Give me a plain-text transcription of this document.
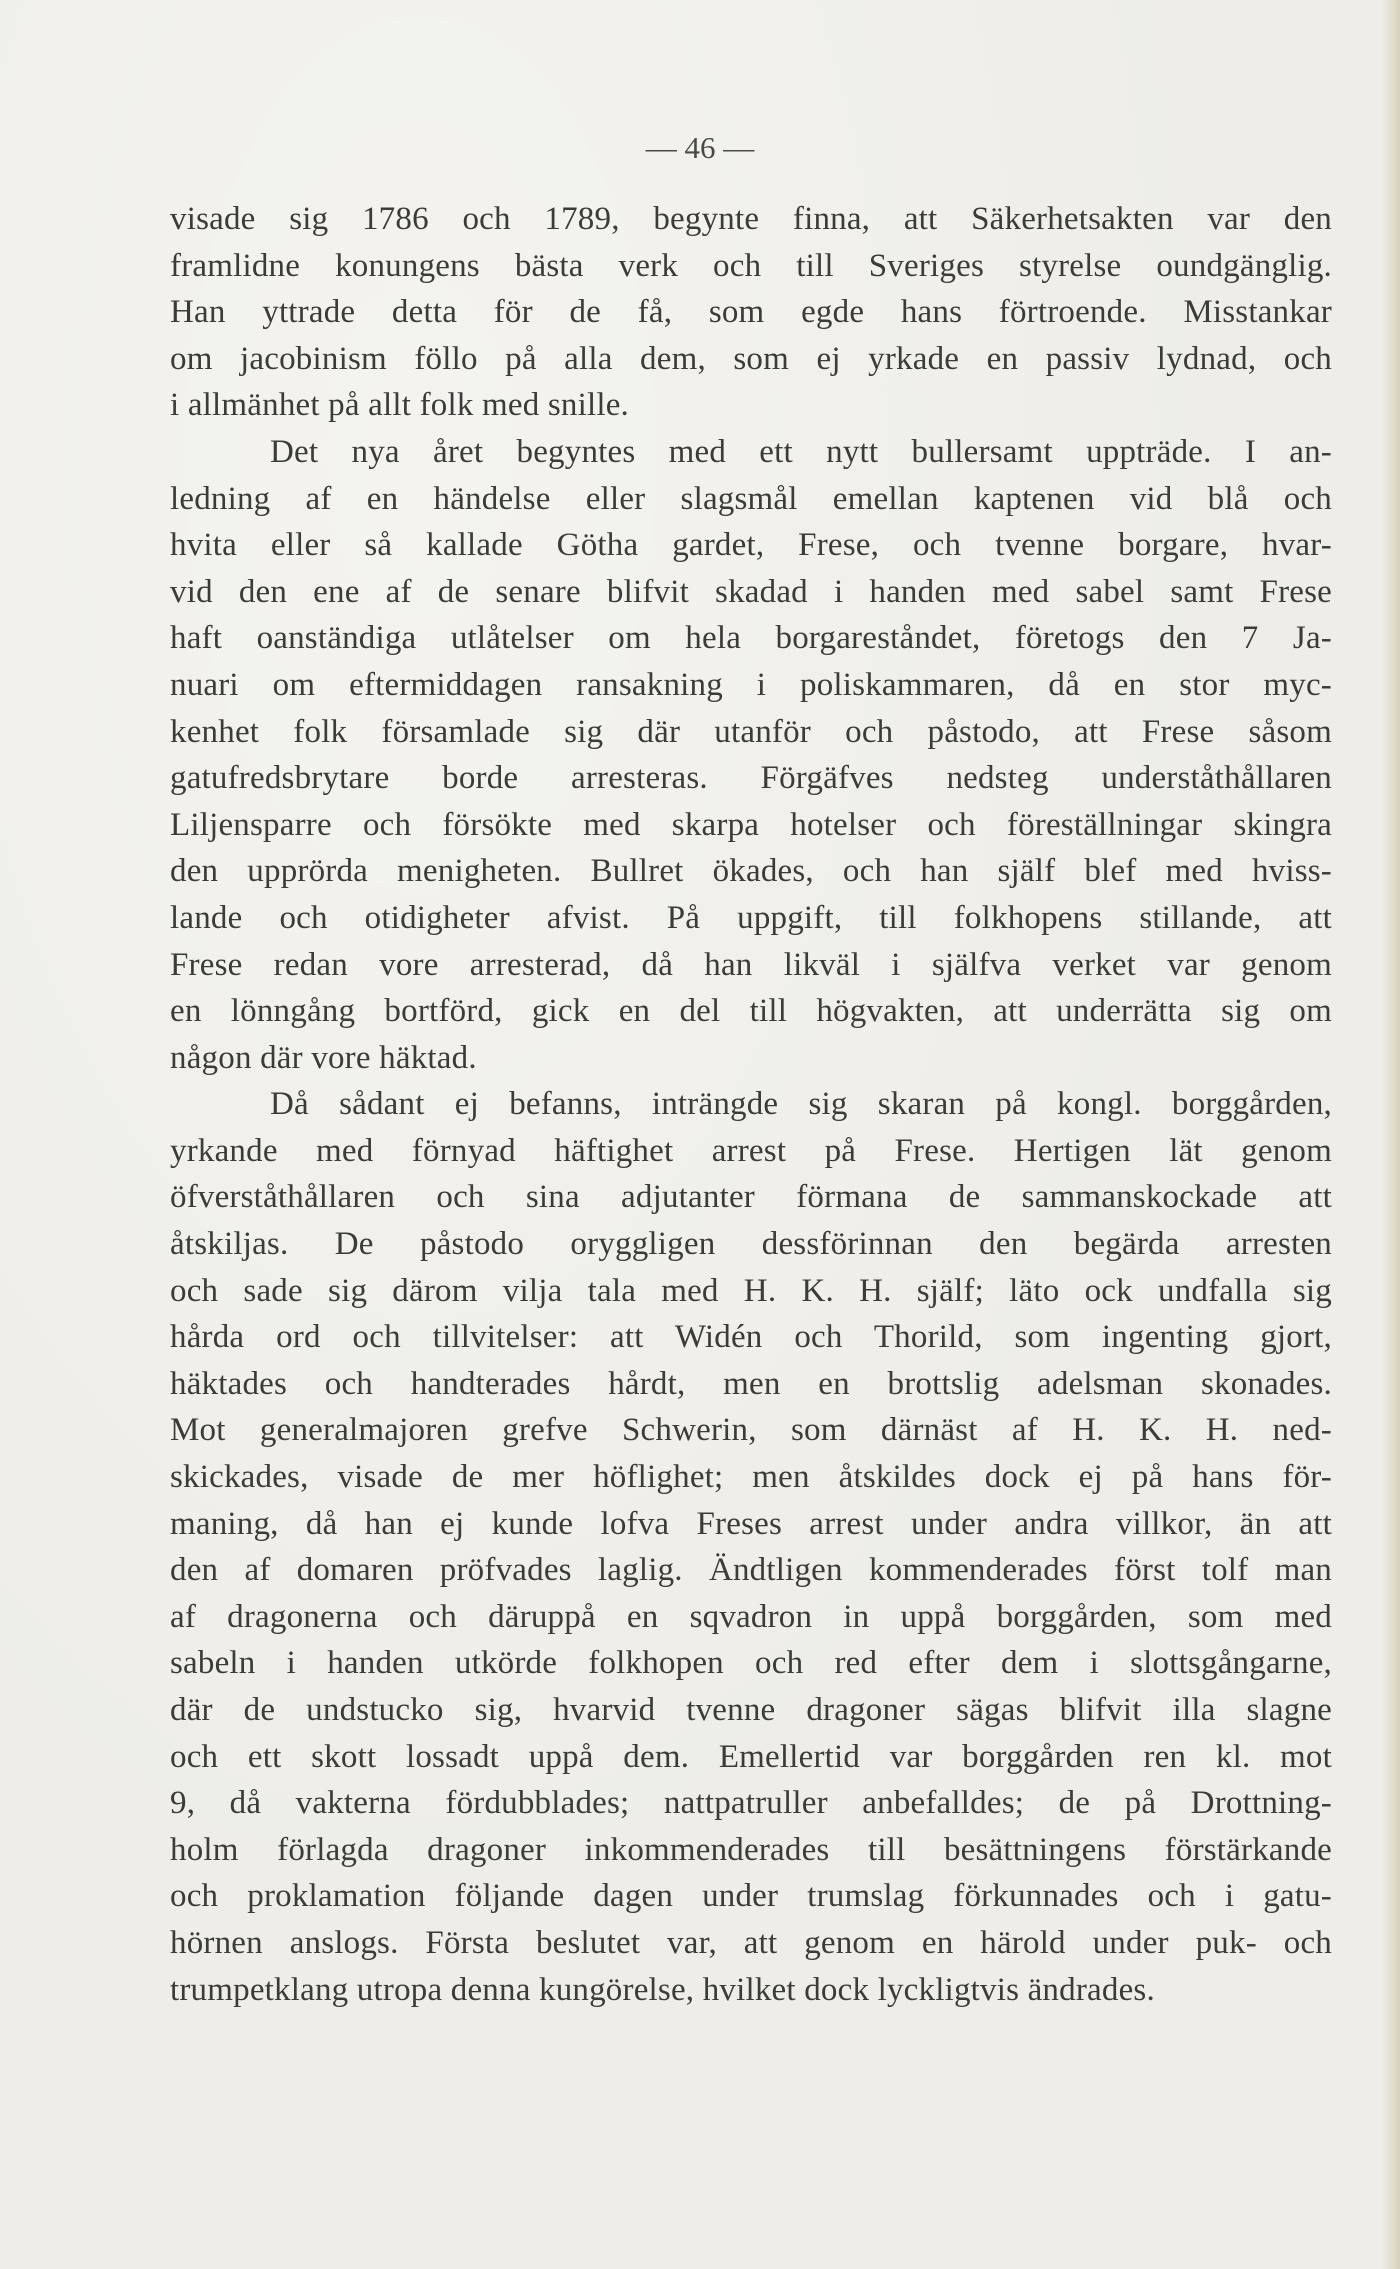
— 46 —
visade sig 1786 och 1789, begynte finna, att Säkerhetsakten var den
framlidne konungens bästa verk och till Sveriges styrelse oundgänglig.
Han yttrade detta för de få, som egde hans förtroende. Misstankar
om jacobinism föllo på alla dem, som ej yrkade en passiv lydnad, och
i allmänhet på allt folk med snille.
Det nya året begyntes med ett nytt bullersamt uppträde. I an-
ledning af en händelse eller slagsmål emellan kaptenen vid blå och
hvita eller så kallade Götha gardet, Frese, och tvenne borgare, hvar-
vid den ene af de senare blifvit skadad i handen med sabel samt Frese
haft oanständiga utlåtelser om hela borgareståndet, företogs den 7 Ja-
nuari om eftermiddagen ransakning i poliskammaren, då en stor myc-
kenhet folk församlade sig där utanför och påstodo, att Frese såsom
gatufredsbrytare borde arresteras. Förgäfves nedsteg underståthållaren
Liljensparre och försökte med skarpa hotelser och föreställningar skingra
den upprörda menigheten. Bullret ökades, och han själf blef med hviss-
lande och otidigheter afvist. På uppgift, till folkhopens stillande, att
Frese redan vore arresterad, då han likväl i själfva verket var genom
en lönngång bortförd, gick en del till högvakten, att underrätta sig om
någon där vore häktad.
Då sådant ej befanns, inträngde sig skaran på kongl. borggården,
yrkande med förnyad häftighet arrest på Frese. Hertigen lät genom
öfverståthållaren och sina adjutanter förmana de sammanskockade att
åtskiljas. De påstodo oryggligen dessförinnan den begärda arresten
och sade sig därom vilja tala med H. K. H. själf; läto ock undfalla sig
hårda ord och tillvitelser: att Widén och Thorild, som ingenting gjort,
häktades och handterades hårdt, men en brottslig adelsman skonades.
Mot generalmajoren grefve Schwerin, som därnäst af H. K. H. ned-
skickades, visade de mer höflighet; men åtskildes dock ej på hans för-
maning, då han ej kunde lofva Freses arrest under andra villkor, än att
den af domaren pröfvades laglig. Ändtligen kommenderades först tolf man
af dragonerna och däruppå en sqvadron in uppå borggården, som med
sabeln i handen utkörde folkhopen och red efter dem i slottsgångarne,
där de undstucko sig, hvarvid tvenne dragoner sägas blifvit illa slagne
och ett skott lossadt uppå dem. Emellertid var borggården ren kl. mot
9, då vakterna fördubblades; nattpatruller anbefalldes; de på Drottning-
holm förlagda dragoner inkommenderades till besättningens förstärkande
och proklamation följande dagen under trumslag förkunnades och i gatu-
hörnen anslogs. Första beslutet var, att genom en härold under puk- och
trumpetklang utropa denna kungörelse, hvilket dock lyckligtvis ändrades.
